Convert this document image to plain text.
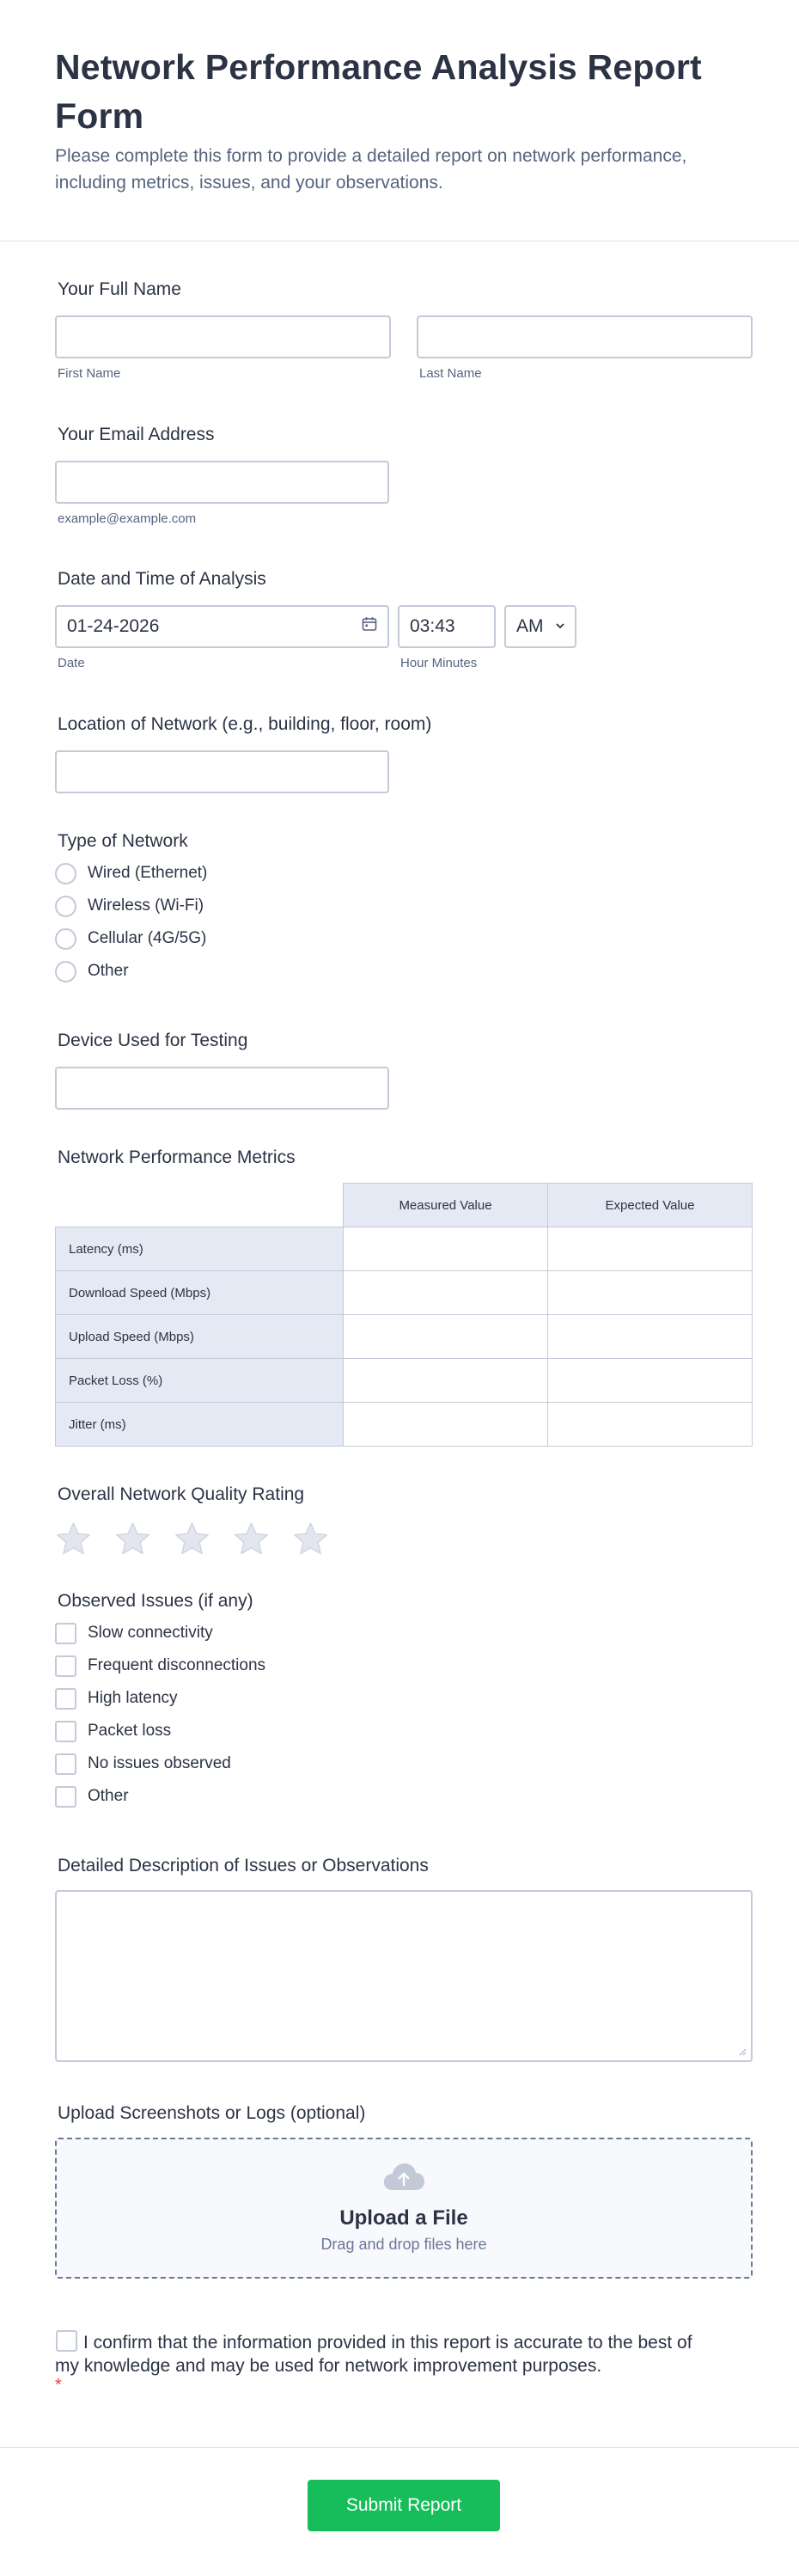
Network Performance Analysis Report Form
Please complete this form to provide a detailed report on network performance, including metrics, issues, and your observations.
Your Full Name
First Name	Last Name
Your Email Address
example@example.com
Date and Time of Analysis
01-24-2026
Date
03:43	AM
Hour Minutes
Location of Network (e.g., building, floor, room)
Type of Network
Wired (Ethernet)
Wireless (Wi-Fi)
Cellular (4G/5G)
Other
Device Used for Testing
Network Performance Metrics
	Measured Value	Expected Value
Latency (ms)		
Download Speed (Mbps)		
Upload Speed (Mbps)		
Packet Loss (%)		
Jitter (ms)		
Overall Network Quality Rating
Observed Issues (if any)
Slow connectivity
Frequent disconnections
High latency
Packet loss
No issues observed
Other
Detailed Description of Issues or Observations
Upload Screenshots or Logs (optional)
Upload a File
Drag and drop files here
I confirm that the information provided in this report is accurate to the best of my knowledge and may be used for network improvement purposes.
*
Submit Report
